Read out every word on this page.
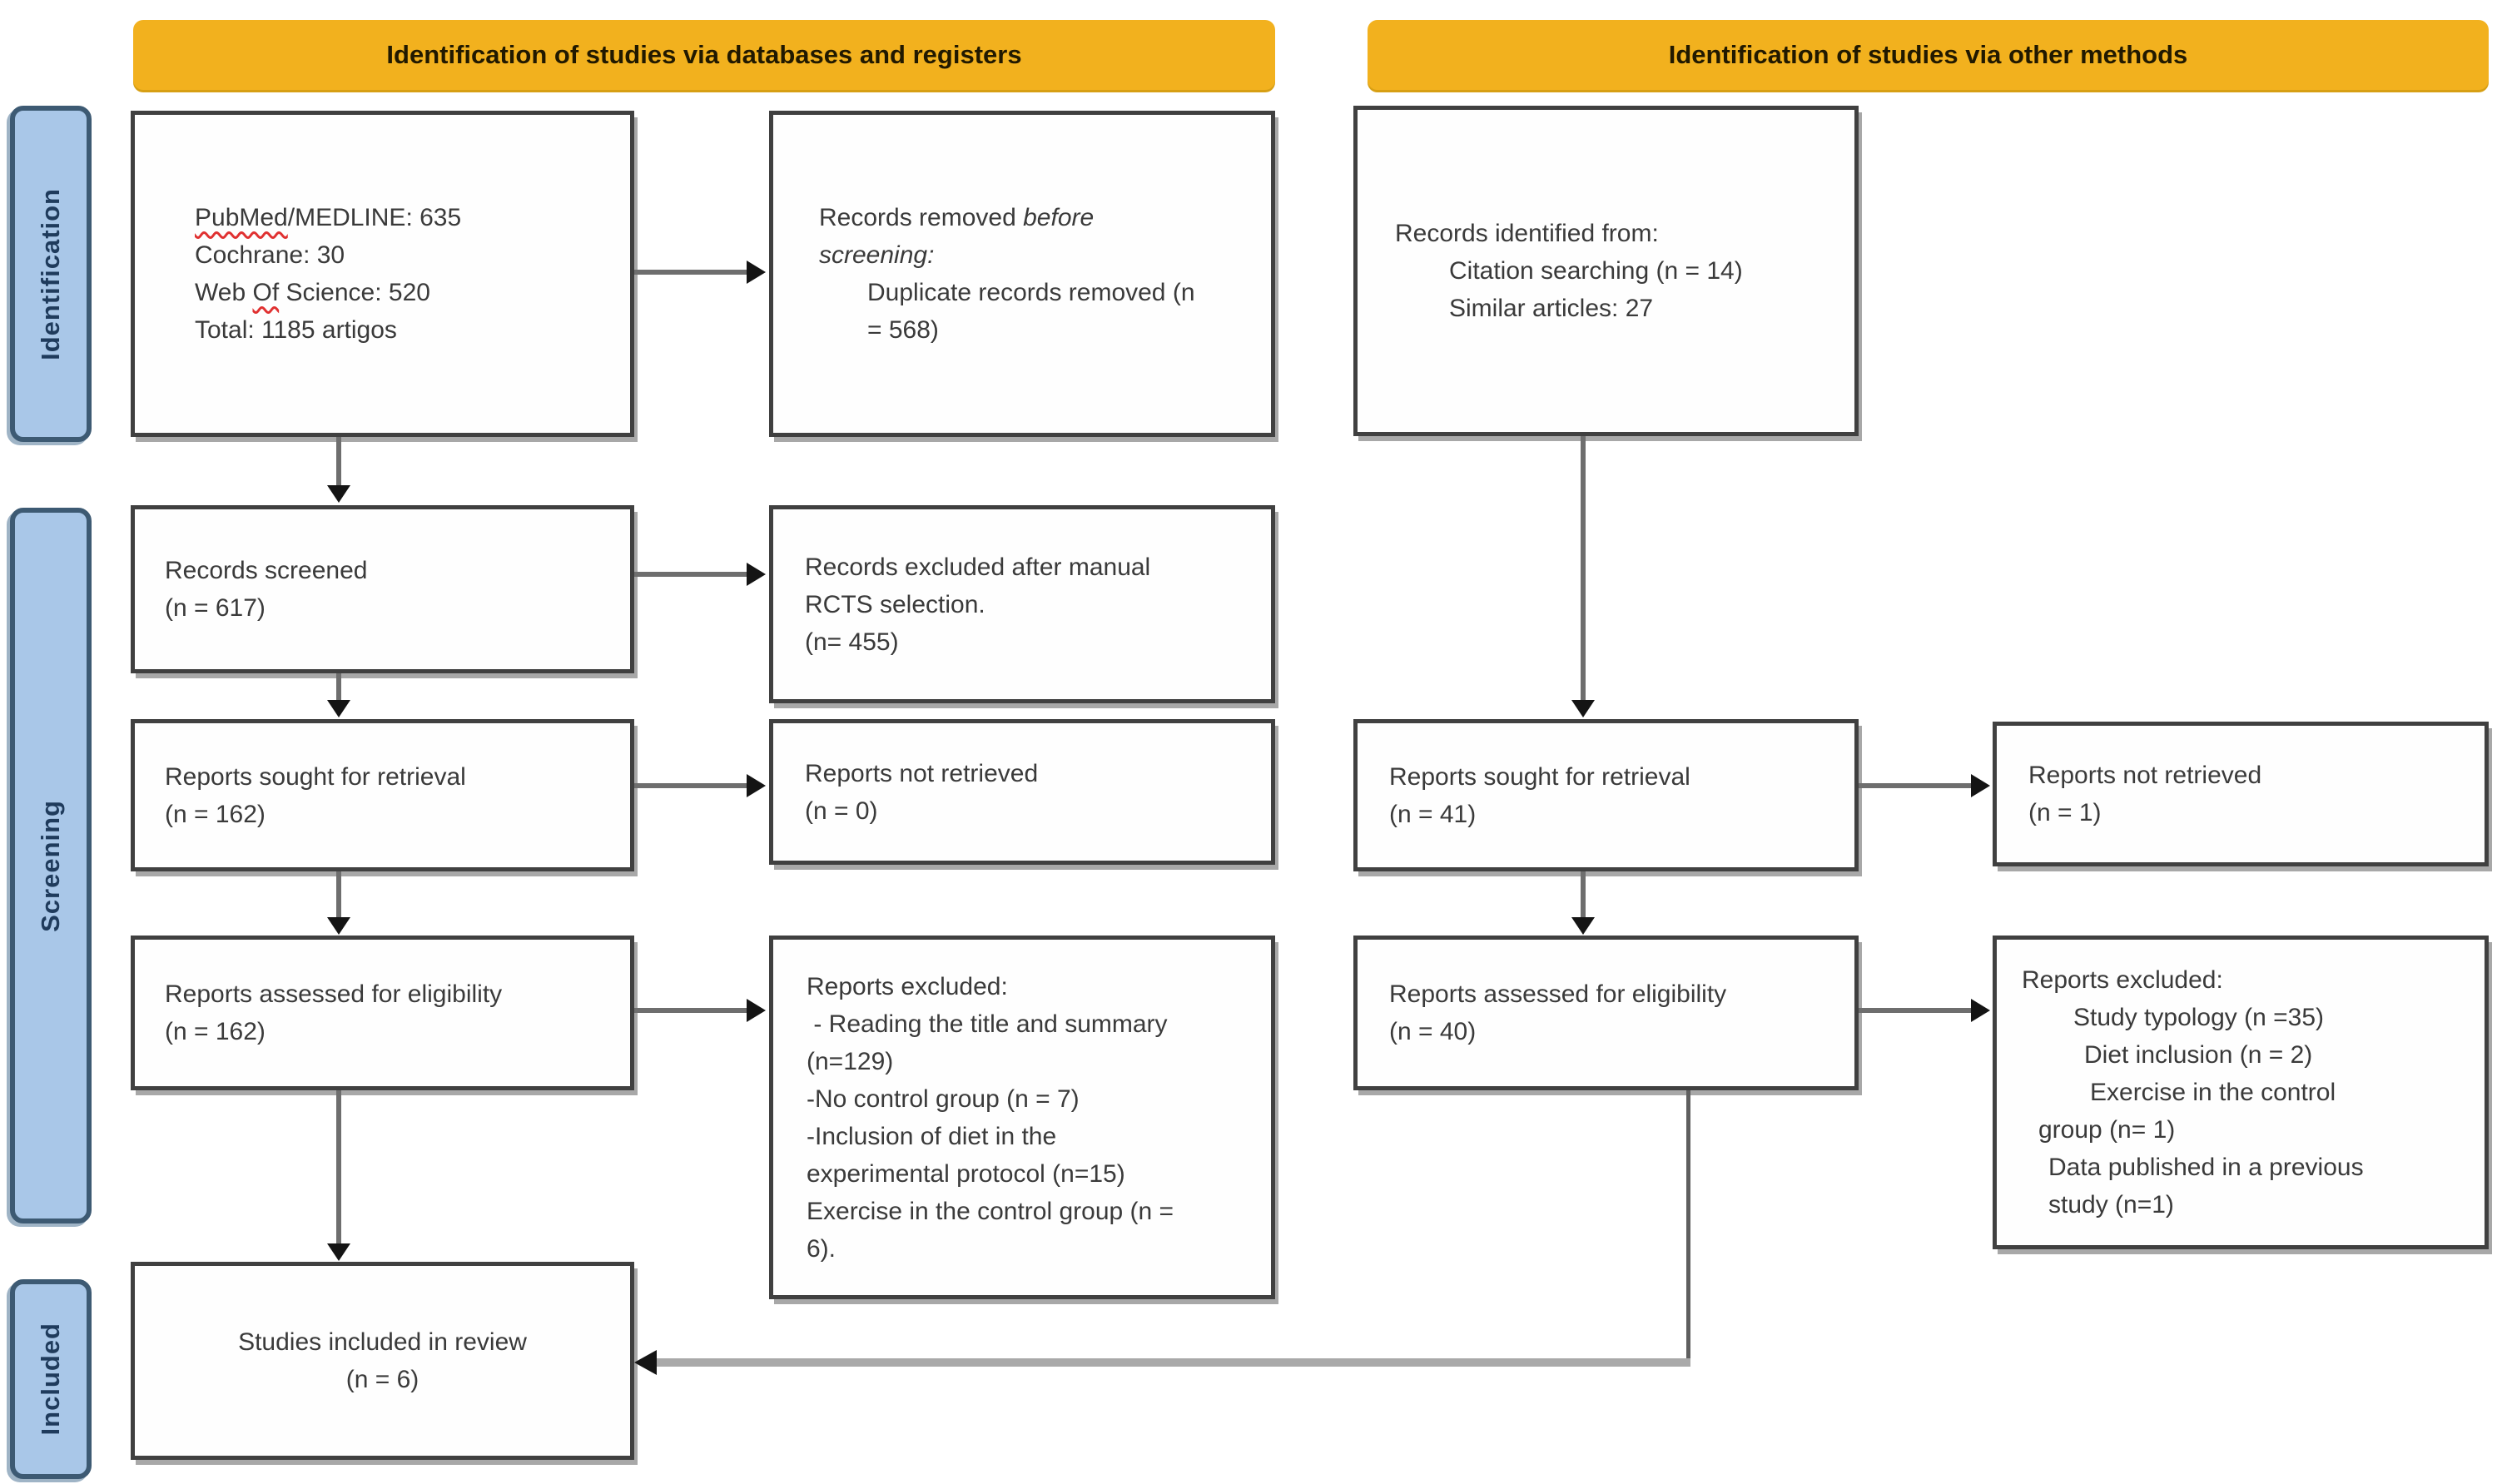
Identification of studies via databases and registers	Identification of studies via other methods
Identification
Screening
Included
PubMed/MEDLINE: 635
Cochrane: 30
Web Of Science: 520
Total: 1185 artigos
Records screened
(n = 617)
Reports sought for retrieval
(n = 162)
Reports assessed for eligibility
(n = 162)
Studies included in review
(n = 6)
Records removed before
screening:
Duplicate records removed (n
= 568)
Records excluded after manual
RCTS selection.
(n= 455)
Reports not retrieved
(n = 0)
Reports excluded:
- Reading the title and summary
(n=129)
-No control group (n = 7)
-Inclusion of diet in the
experimental protocol (n=15)
Exercise in the control group (n =
6).
Records identified from:
Citation searching (n = 14)
Similar articles: 27
Reports sought for retrieval
(n = 41)
Reports assessed for eligibility
(n = 40)
Reports not retrieved
(n = 1)
Reports excluded:
Study typology (n =35)
Diet inclusion (n = 2)
Exercise in the control
group (n= 1)
Data published in a previous
study (n=1)
